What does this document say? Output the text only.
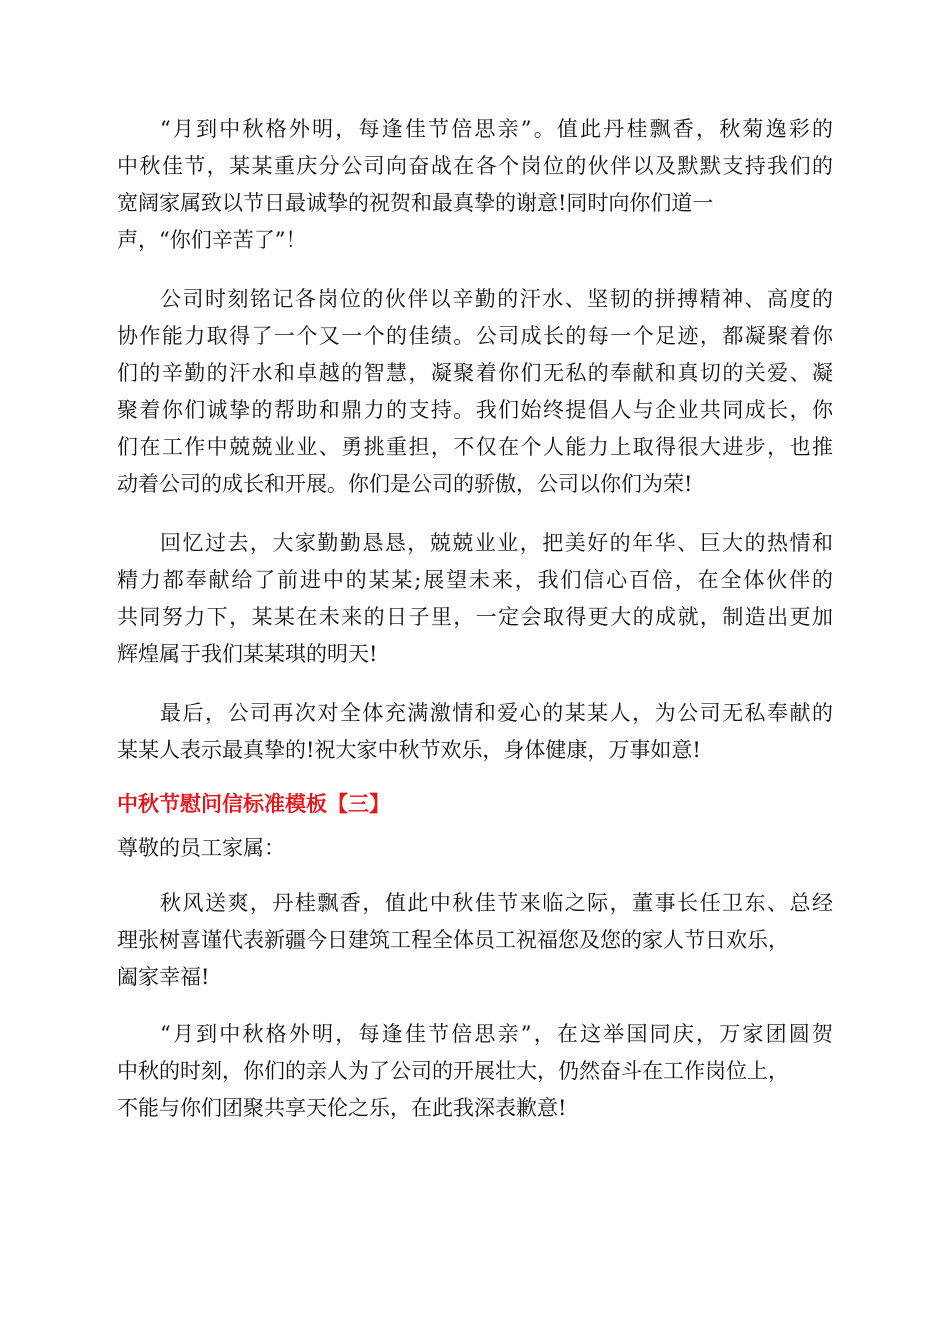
“月到中秋格外明，每逢佳节倍思亲”。值此丹桂飘香，秋菊逸彩的
中秋佳节，某某重庆分公司向奋战在各个岗位的伙伴以及默默支持我们的
宽阔家属致以节日最诚挚的祝贺和最真挚的谢意!同时向你们道一
声，“你们辛苦了”！
公司时刻铭记各岗位的伙伴以辛勤的汗水、坚韧的拼搏精神、高度的
协作能力取得了一个又一个的佳绩。公司成长的每一个足迹，都凝聚着你
们的辛勤的汗水和卓越的智慧，凝聚着你们无私的奉献和真切的关爱、凝
聚着你们诚挚的帮助和鼎力的支持。我们始终提倡人与企业共同成长，你
们在工作中兢兢业业、勇挑重担，不仅在个人能力上取得很大进步，也推
动着公司的成长和开展。你们是公司的骄傲，公司以你们为荣!
回忆过去，大家勤勤恳恳，兢兢业业，把美好的年华、巨大的热情和
精力都奉献给了前进中的某某;展望未来，我们信心百倍，在全体伙伴的
共同努力下，某某在未来的日子里，一定会取得更大的成就，制造出更加
辉煌属于我们某某琪的明天!
最后，公司再次对全体充满激情和爱心的某某人，为公司无私奉献的
某某人表示最真挚的!祝大家中秋节欢乐，身体健康，万事如意!
中秋节慰问信标准模板【三】
尊敬的员工家属：
秋风送爽，丹桂飘香，值此中秋佳节来临之际，董事长任卫东、总经
理张树喜谨代表新疆今日建筑工程全体员工祝福您及您的家人节日欢乐，
阖家幸福!
“月到中秋格外明，每逢佳节倍思亲”，在这举国同庆，万家团圆贺
中秋的时刻，你们的亲人为了公司的开展壮大，仍然奋斗在工作岗位上，
不能与你们团聚共享天伦之乐，在此我深表歉意!
